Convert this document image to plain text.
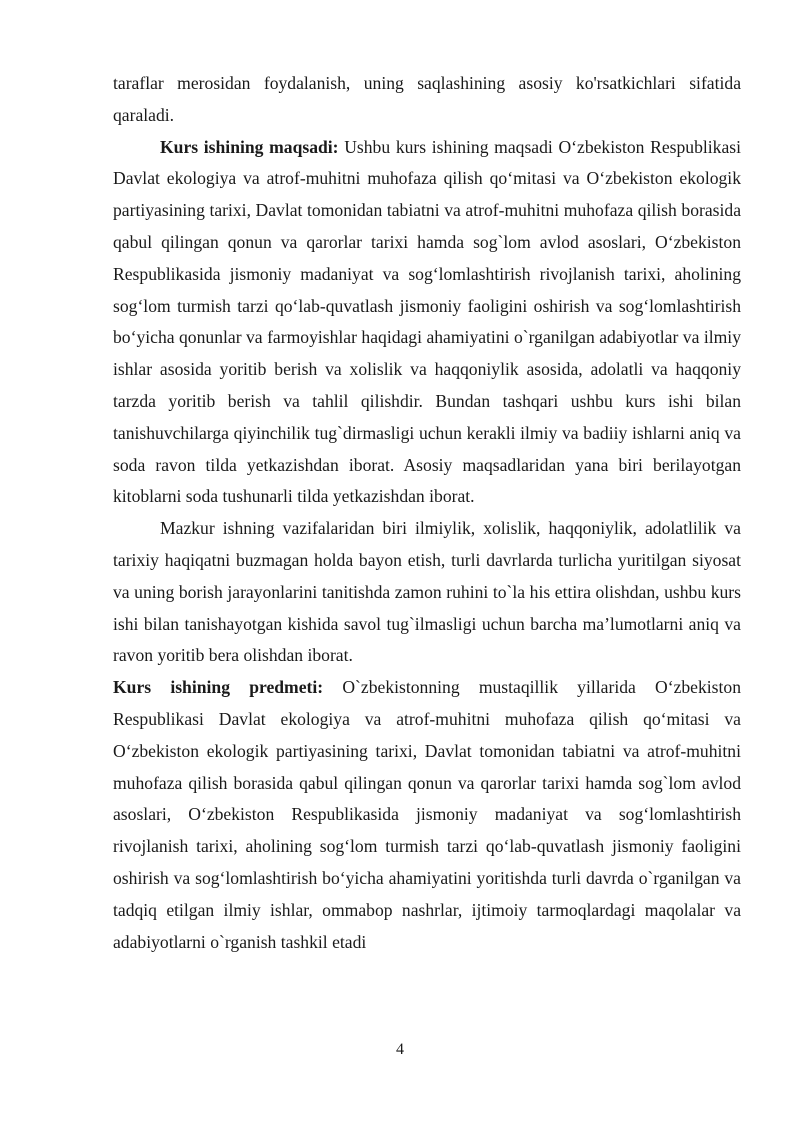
taraflar merosidan foydalanish, uning saqlashining asosiy ko'rsatkichlari sifatida qaraladi.

Kurs ishining maqsadi: Ushbu kurs ishining maqsadi O‘zbekiston Respublikasi Davlat ekologiya va atrof-muhitni muhofaza qilish qo‘mitasi va O‘zbekiston ekologik partiyasining tarixi, Davlat tomonidan tabiatni va atrof-muhitni muhofaza qilish borasida qabul qilingan qonun va qarorlar tarixi hamda sog`lom avlod asoslari, O‘zbekiston Respublikasida jismoniy madaniyat va sog‘lomlashtirish rivojlanish tarixi, aholining sog‘lom turmish tarzi qo‘lab-quvatlash jismoniy faoligini oshirish va sog‘lomlashtirish bo‘yicha qonunlar va farmoyishlar haqidagi ahamiyatini o`rganilgan adabiyotlar va ilmiy ishlar asosida yoritib berish va xolislik va haqqoniylik asosida, adolatli va haqqoniy tarzda yoritib berish va tahlil qilishdir. Bundan tashqari ushbu kurs ishi bilan tanishuvchilarga qiyinchilik tug`dirmasligi uchun kerakli ilmiy va badiiy ishlarni aniq va soda ravon tilda yetkazishdan iborat. Asosiy maqsadlaridan yana biri berilayotgan kitoblarni soda tushunarli tilda yetkazishdan iborat.

Mazkur ishning vazifalaridan biri ilmiylik, xolislik, haqqoniylik, adolatlilik va tarixiy haqiqatni buzmagan holda bayon etish, turli davrlarda turlicha yuritilgan siyosat va uning borish jarayonlarini tanitishda zamon ruhini to`la his ettira olishdan, ushbu kurs ishi bilan tanishayotgan kishida savol tug`ilmasligi uchun barcha ma’lumotlarni aniq va ravon yoritib bera olishdan iborat.

Kurs ishining predmeti: O`zbekistonning mustaqillik yillarida O‘zbekiston Respublikasi Davlat ekologiya va atrof-muhitni muhofaza qilish qo‘mitasi va O‘zbekiston ekologik partiyasining tarixi, Davlat tomonidan tabiatni va atrof-muhitni muhofaza qilish borasida qabul qilingan qonun va qarorlar tarixi hamda sog`lom avlod asoslari, O‘zbekiston Respublikasida jismoniy madaniyat va sog‘lomlashtirish rivojlanish tarixi, aholining sog‘lom turmish tarzi qo‘lab-quvatlash jismoniy faoligini oshirish va sog‘lomlashtirish bo‘yicha ahamiyatini yoritishda turli davrda o`rganilgan va tadqiq etilgan ilmiy ishlar, ommabop nashrlar, ijtimoiy tarmoqlardagi maqolalar va adabiyotlarni o`rganish tashkil etadi

4
